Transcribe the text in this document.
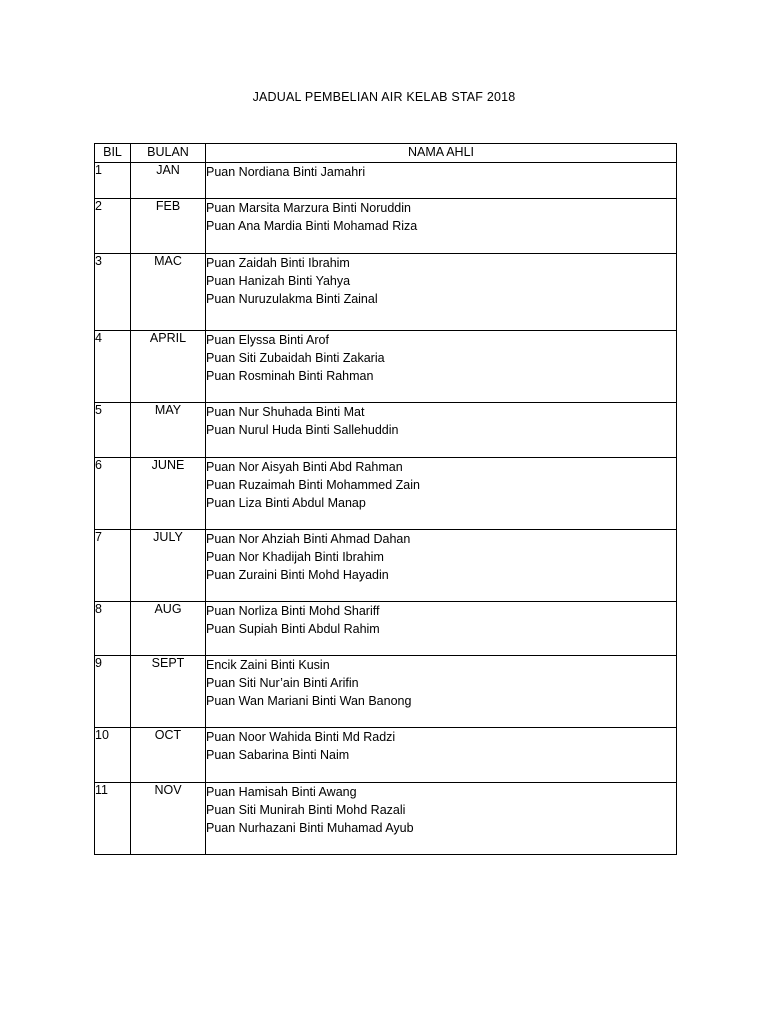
JADUAL PEMBELIAN AIR KELAB STAF 2018
BIL	BULAN	NAMA AHLI
1	JAN	Puan Nordiana Binti Jamahri

2	FEB	Puan Marsita Marzura Binti Noruddin
Puan Ana Mardia Binti Mohamad Riza

3	MAC	Puan Zaidah Binti Ibrahim
Puan Hanizah Binti Yahya
Puan Nuruzulakma Binti Zainal

4	APRIL	Puan Elyssa Binti Arof
Puan Siti Zubaidah Binti Zakaria
Puan Rosminah Binti Rahman

5	MAY	Puan Nur Shuhada Binti Mat
Puan Nurul Huda Binti Sallehuddin

6	JUNE	Puan Nor Aisyah Binti Abd Rahman
Puan Ruzaimah Binti Mohammed Zain
Puan Liza Binti Abdul Manap

7	JULY	Puan Nor Ahziah Binti Ahmad Dahan
Puan Nor Khadijah Binti Ibrahim
Puan Zuraini Binti Mohd Hayadin

8	AUG	Puan Norliza Binti Mohd Shariff
Puan Supiah Binti Abdul Rahim

9	SEPT	Encik Zaini Binti Kusin
Puan Siti Nur’ain Binti Arifin
Puan Wan Mariani Binti Wan Banong

10	OCT	Puan Noor Wahida Binti Md Radzi
Puan Sabarina Binti Naim

11	NOV	Puan Hamisah Binti Awang
Puan Siti Munirah Binti Mohd Razali
Puan Nurhazani Binti Muhamad Ayub
